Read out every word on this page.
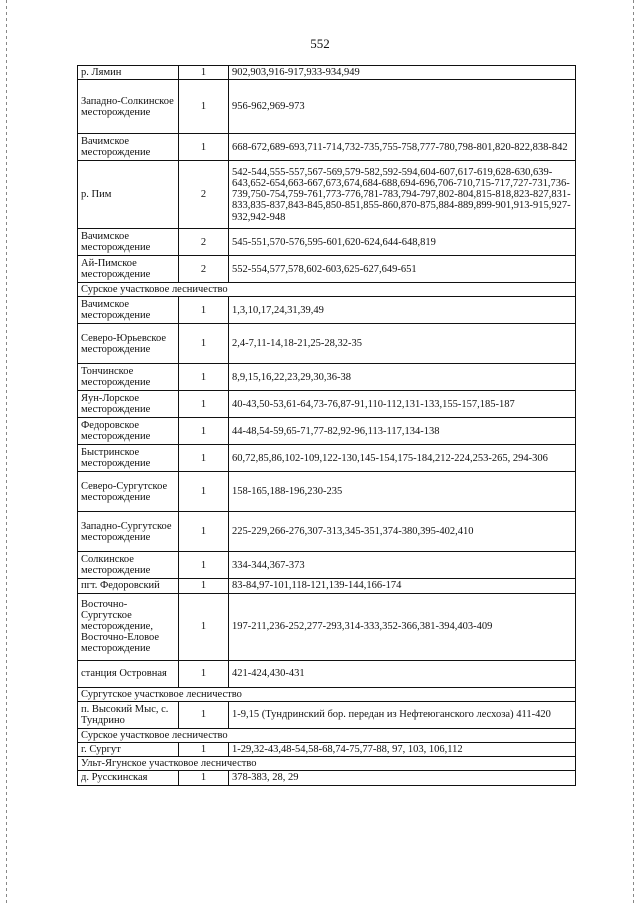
552
р. Лямин	1	902,903,916-917,933-934,949
Западно-Солкинское месторождение	1	956-962,969-973
Вачимское месторождение	1	668-672,689-693,711-714,732-735,755-758,777-780,798-801,820-822,838-842
р. Пим	2	542-544,555-557,567-569,579-582,592-594,604-607,617-619,628-630,639-643,652-654,663-667,673,674,684-688,694-696,706-710,715-717,727-731,736-739,750-754,759-761,773-776,781-783,794-797,802-804,815-818,823-827,831-833,835-837,843-845,850-851,855-860,870-875,884-889,899-901,913-915,927-932,942-948
Вачимское месторождение	2	545-551,570-576,595-601,620-624,644-648,819
Ай-Пимское месторождение	2	552-554,577,578,602-603,625-627,649-651
Сурское участковое лесничество		
Вачимское месторождение	1	1,3,10,17,24,31,39,49
Северо-Юрьевское месторождение	1	2,4-7,11-14,18-21,25-28,32-35
Тончинское месторождение	1	8,9,15,16,22,23,29,30,36-38
Яун-Лорское месторождение	1	40-43,50-53,61-64,73-76,87-91,110-112,131-133,155-157,185-187
Федоровское месторождение	1	44-48,54-59,65-71,77-82,92-96,113-117,134-138
Быстринское месторождение	1	60,72,85,86,102-109,122-130,145-154,175-184,212-224,253-265, 294-306
Северо-Сургутское месторождение	1	158-165,188-196,230-235
Западно-Сургутское месторождение	1	225-229,266-276,307-313,345-351,374-380,395-402,410
Солкинское месторождение	1	334-344,367-373
пгт. Федоровский	1	83-84,97-101,118-121,139-144,166-174
Восточно-Сургутское месторождение, Восточно-Еловое месторождение	1	197-211,236-252,277-293,314-333,352-366,381-394,403-409
станция Островная	1	421-424,430-431
Сургутское участковое лесничество		
п. Высокий Мыс, с. Тундрино	1	1-9,15 (Тундринский бор. передан из Нефтеюганского лесхоза) 411-420
Сурское участковое лесничество		
г. Сургут	1	1-29,32-43,48-54,58-68,74-75,77-88, 97, 103, 106,112
Ульт-Ягунское участковое лесничество		
д. Русскинская	1	378-383, 28, 29
